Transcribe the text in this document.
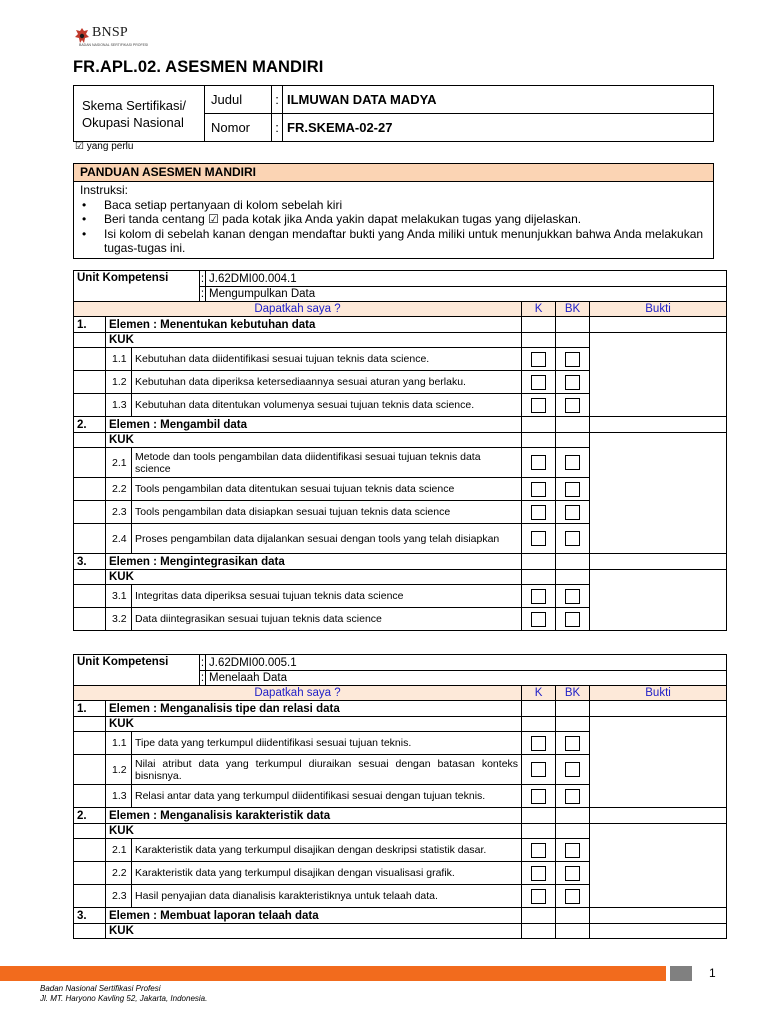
BNSP
BADAN NASIONAL SERTIFIKASI PROFESI
FR.APL.02. ASESMEN MANDIRI
Skema Sertifikasi/ Okupasi Nasional	Judul	:	ILMUWAN DATA MADYA
	Nomor	:	FR.SKEMA-02-27
☑ yang perlu
PANDUAN ASESMEN MANDIRI
Instruksi:
• Baca setiap pertanyaan di kolom sebelah kiri
• Beri tanda centang ☑ pada kotak jika Anda yakin dapat melakukan tugas yang dijelaskan.
• Isi kolom di sebelah kanan dengan mendaftar bukti yang Anda miliki untuk menunjukkan bahwa Anda melakukan tugas-tugas ini.
Unit Kompetensi			:	J.62DMI00.004.1			
			:	Mengumpulkan Data			
Dapatkah saya ?					K	BK	Bukti
1.	Elemen : Menentukan kebutuhan data						
	KUK						
	1.1	Kebutuhan data diidentifikasi sesuai tujuan teknis data science.					
	1.2	Kebutuhan data diperiksa ketersediaannya sesuai aturan yang berlaku.					
	1.3	Kebutuhan data ditentukan volumenya sesuai tujuan teknis data science.					
2.	Elemen : Mengambil data						
	KUK						
	2.1	Metode dan tools pengambilan data diidentifikasi sesuai tujuan teknis data science					
	2.2	Tools pengambilan data ditentukan sesuai tujuan teknis data science					
	2.3	Tools pengambilan data disiapkan sesuai tujuan teknis data science					
	2.4	Proses pengambilan data dijalankan sesuai dengan tools yang telah disiapkan					
3.	Elemen : Mengintegrasikan data						
	KUK						
	3.1	Integritas data diperiksa sesuai tujuan teknis data science					
	3.2	Data diintegrasikan sesuai tujuan teknis data science					
Unit Kompetensi			:	J.62DMI00.005.1			
			:	Menelaah Data			
Dapatkah saya ?					K	BK	Bukti
1.	Elemen : Menganalisis tipe dan relasi data						
	KUK						
	1.1	Tipe data yang terkumpul diidentifikasi sesuai tujuan teknis.					
	1.2	Nilai atribut data yang terkumpul diuraikan sesuai dengan batasan konteks bisnisnya.					
	1.3	Relasi antar data yang terkumpul diidentifikasi sesuai dengan tujuan teknis.					
2.	Elemen : Menganalisis karakteristik data						
	KUK						
	2.1	Karakteristik data yang terkumpul disajikan dengan deskripsi statistik dasar.					
	2.2	Karakteristik data yang terkumpul disajikan dengan visualisasi grafik.					
	2.3	Hasil penyajian data dianalisis karakteristiknya untuk telaah data.					
3.	Elemen : Membuat laporan telaah data						
	KUK						
1
Badan Nasional Sertifikasi Profesi
Jl. MT. Haryono Kavling 52, Jakarta, Indonesia.
